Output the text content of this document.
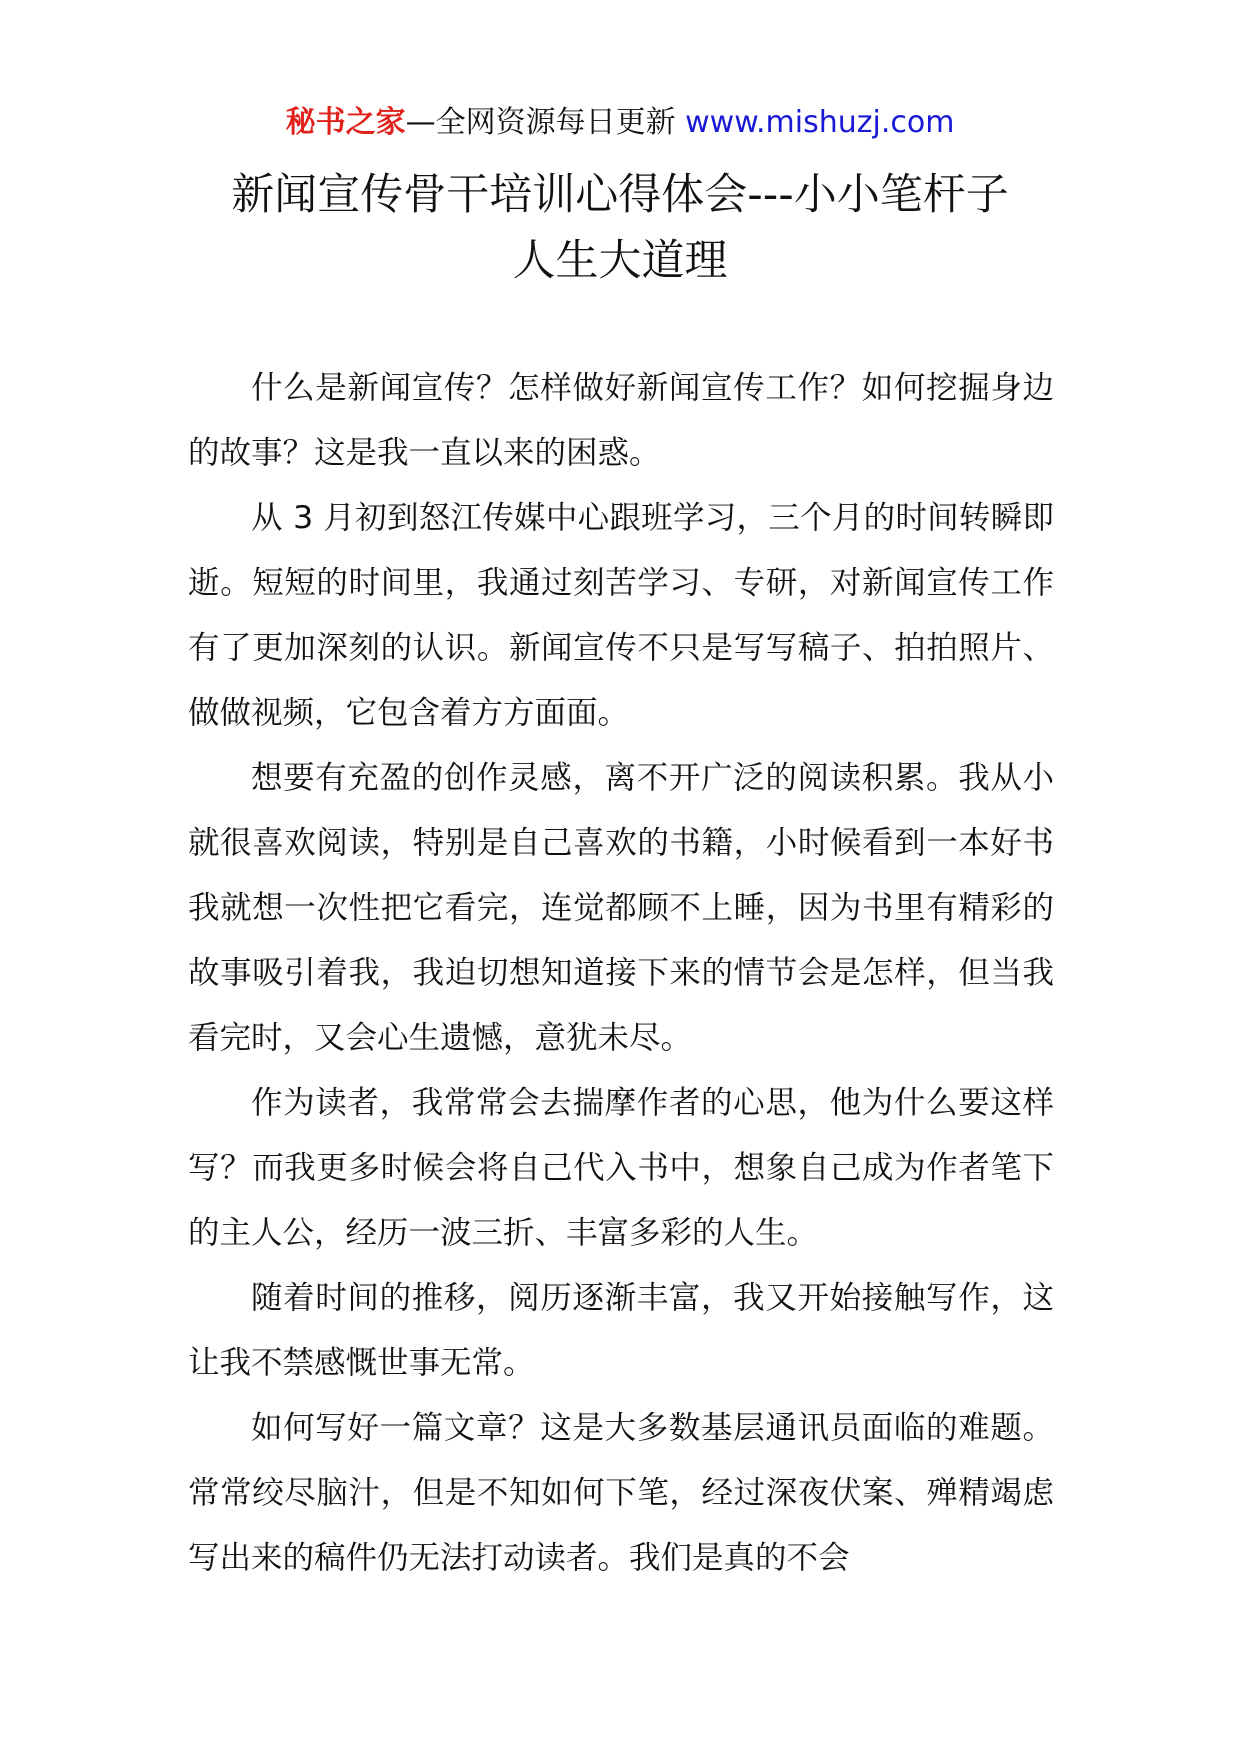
秘书之家—全网资源每日更新 www.mishuzj.com
新闻宣传骨干培训心得体会---小小笔杆子
人生大道理

什么是新闻宣传？怎样做好新闻宣传工作？如何挖掘身边的故事？这是我一直以来的困惑。

从 3 月初到怒江传媒中心跟班学习，三个月的时间转瞬即逝。短短的时间里，我通过刻苦学习、专研，对新闻宣传工作有了更加深刻的认识。新闻宣传不只是写写稿子、拍拍照片、做做视频，它包含着方方面面。

想要有充盈的创作灵感，离不开广泛的阅读积累。我从小就很喜欢阅读，特别是自己喜欢的书籍，小时候看到一本好书我就想一次性把它看完，连觉都顾不上睡，因为书里有精彩的故事吸引着我，我迫切想知道接下来的情节会是怎样，但当我看完时，又会心生遗憾，意犹未尽。

作为读者，我常常会去揣摩作者的心思，他为什么要这样写？而我更多时候会将自己代入书中，想象自己成为作者笔下的主人公，经历一波三折、丰富多彩的人生。

随着时间的推移，阅历逐渐丰富，我又开始接触写作，这让我不禁感慨世事无常。

如何写好一篇文章？这是大多数基层通讯员面临的难题。常常绞尽脑汁，但是不知如何下笔，经过深夜伏案、殚精竭虑写出来的稿件仍无法打动读者。我们是真的不会
